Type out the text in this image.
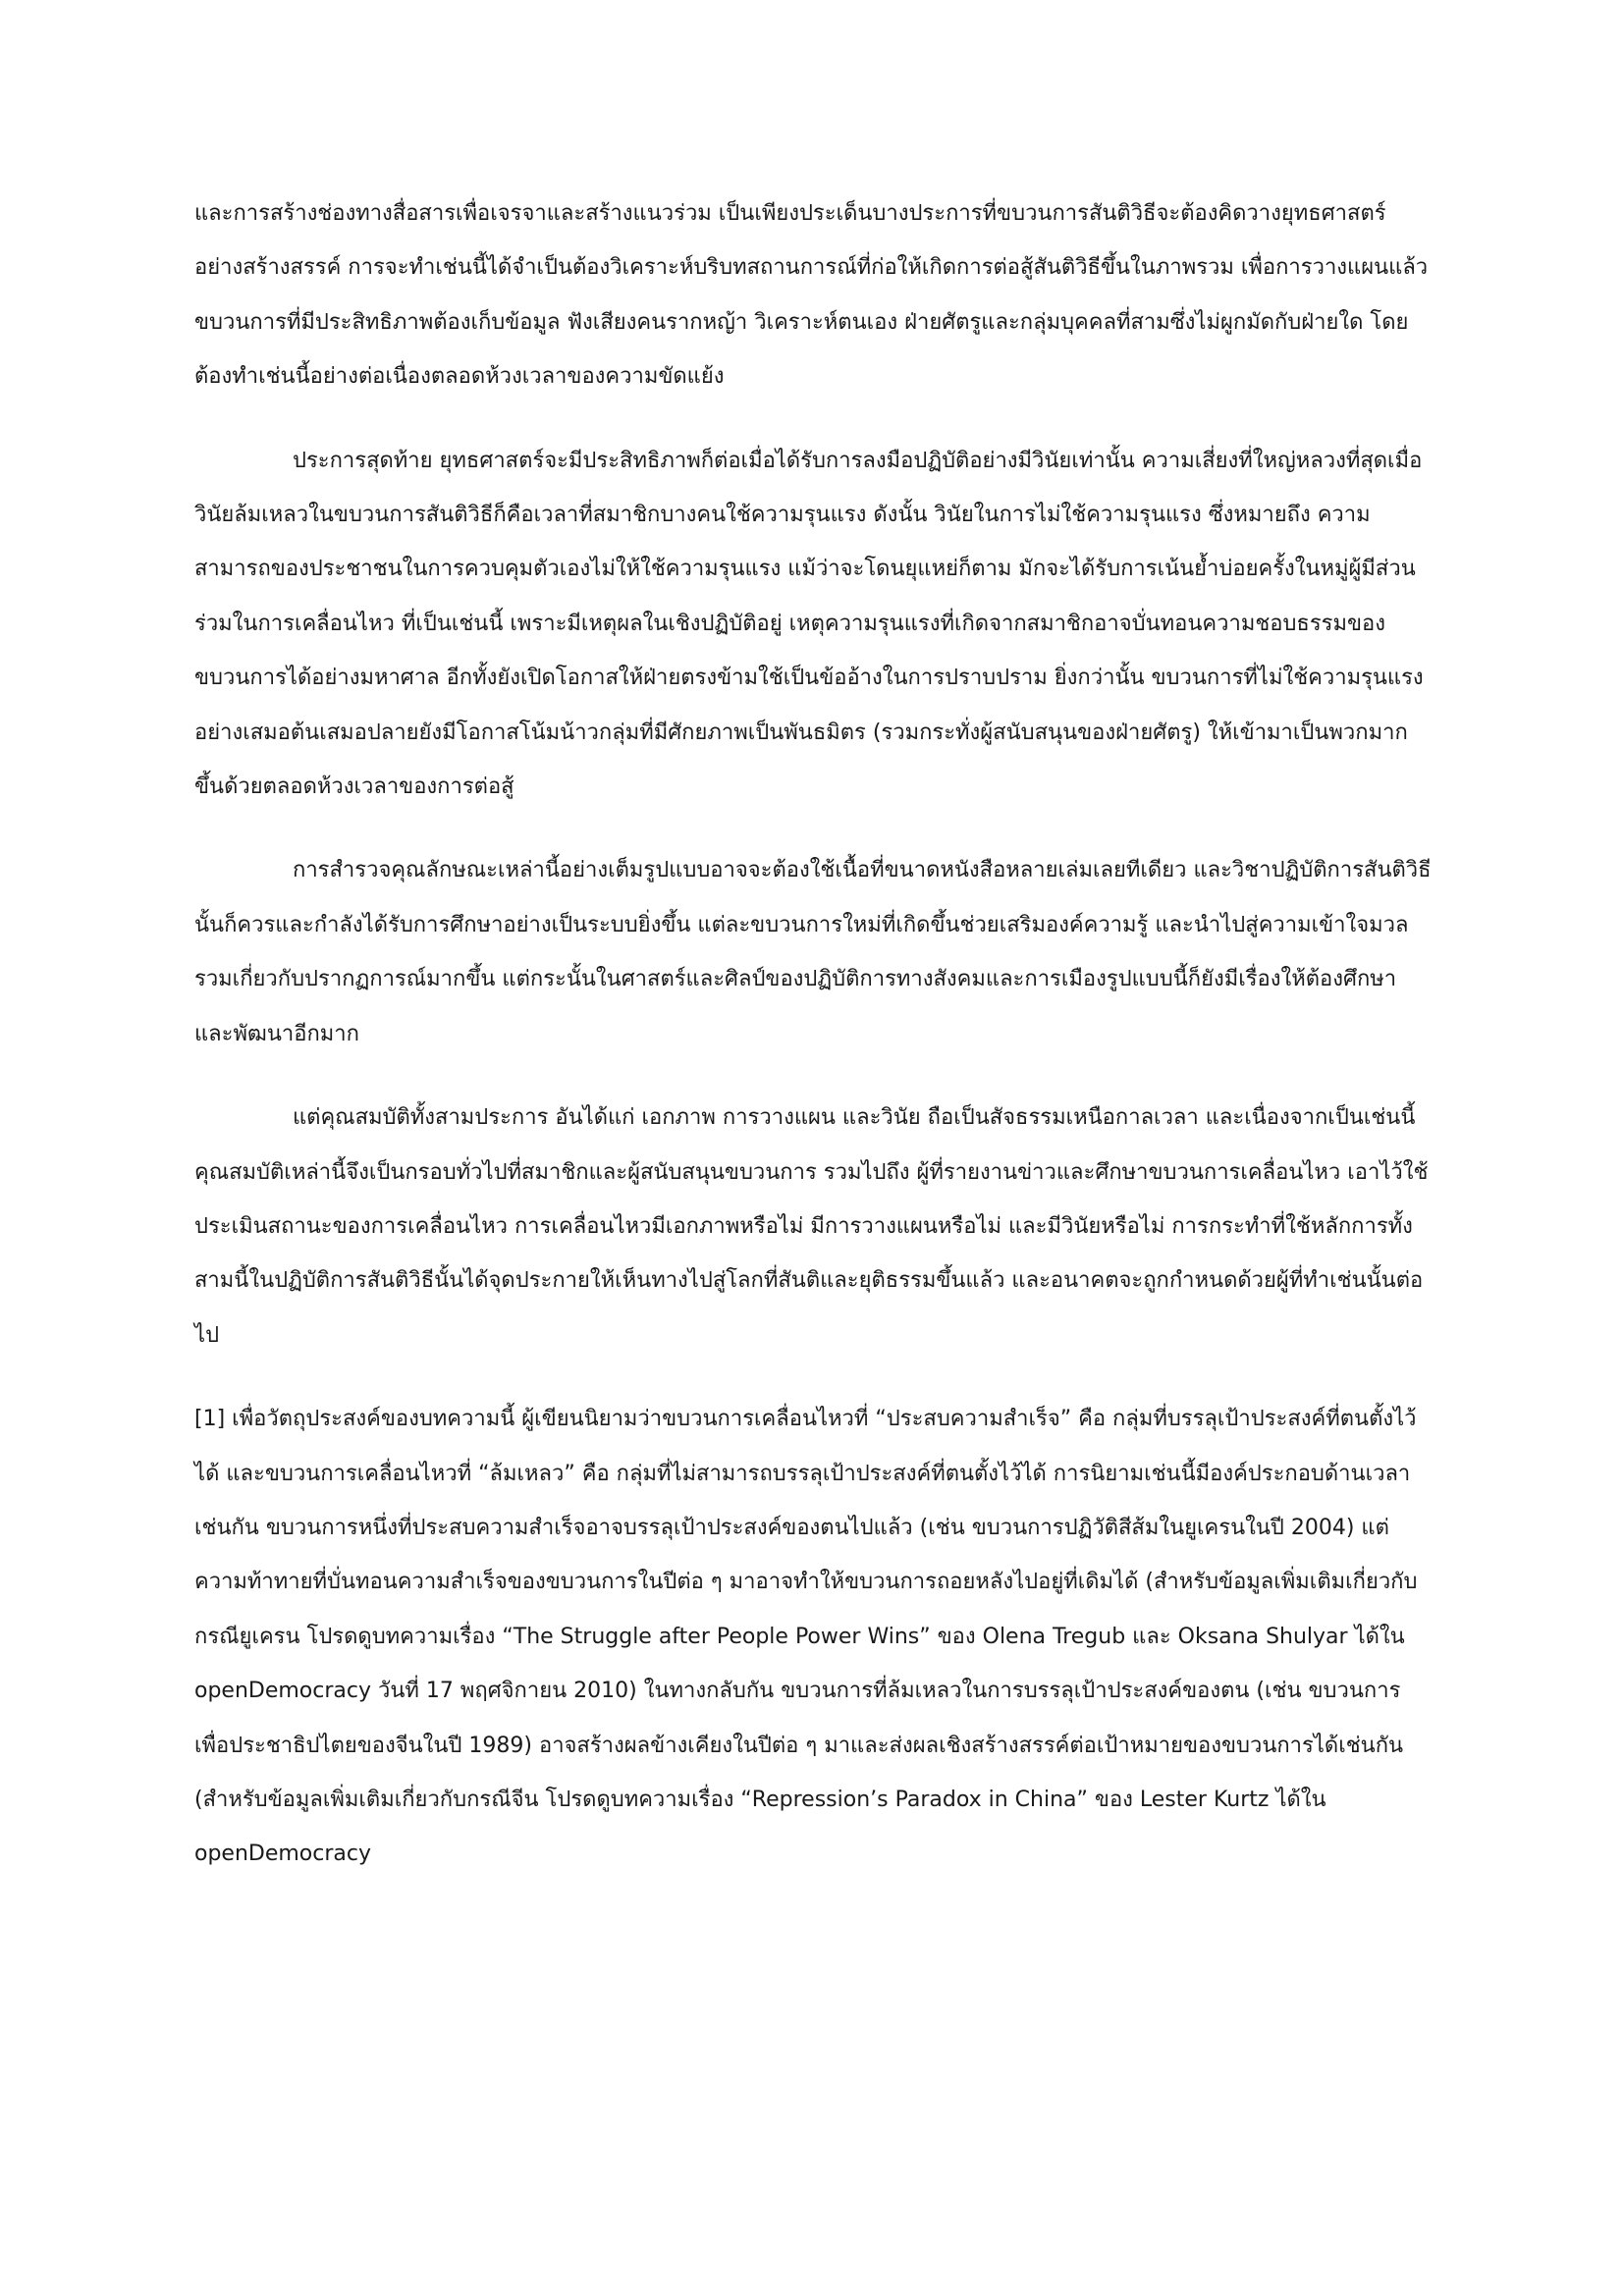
และการสร้างช่องทางสื่อสารเพื่อเจรจาและสร้างแนวร่วม เป็นเพียงประเด็นบางประการที่ขบวนการสันติวิธีจะต้องคิดวางยุทธศาสตร์อย่างสร้างสรรค์ การจะทำเช่นนี้ได้จำเป็นต้องวิเคราะห์บริบทสถานการณ์ที่ก่อให้เกิดการต่อสู้สันติวิธีขึ้นในภาพรวม เพื่อการวางแผนแล้ว ขบวนการที่มีประสิทธิภาพต้องเก็บข้อมูล ฟังเสียงคนรากหญ้า วิเคราะห์ตนเอง ฝ่ายศัตรูและกลุ่มบุคคลที่สามซึ่งไม่ผูกมัดกับฝ่ายใด โดยต้องทำเช่นนี้อย่างต่อเนื่องตลอดห้วงเวลาของความขัดแย้ง

ประการสุดท้าย ยุทธศาสตร์จะมีประสิทธิภาพก็ต่อเมื่อได้รับการลงมือปฏิบัติอย่างมีวินัยเท่านั้น ความเสี่ยงที่ใหญ่หลวงที่สุดเมื่อวินัยล้มเหลวในขบวนการสันติวิธีก็คือเวลาที่สมาชิกบางคนใช้ความรุนแรง ดังนั้น วินัยในการไม่ใช้ความรุนแรง ซึ่งหมายถึง ความสามารถของประชาชนในการควบคุมตัวเองไม่ให้ใช้ความรุนแรง แม้ว่าจะโดนยุแหย่ก็ตาม มักจะได้รับการเน้นย้ำบ่อยครั้งในหมู่ผู้มีส่วนร่วมในการเคลื่อนไหว ที่เป็นเช่นนี้ เพราะมีเหตุผลในเชิงปฏิบัติอยู่ เหตุความรุนแรงที่เกิดจากสมาชิกอาจบั่นทอนความชอบธรรมของขบวนการได้อย่างมหาศาล อีกทั้งยังเปิดโอกาสให้ฝ่ายตรงข้ามใช้เป็นข้ออ้างในการปราบปราม ยิ่งกว่านั้น ขบวนการที่ไม่ใช้ความรุนแรงอย่างเสมอต้นเสมอปลายยังมีโอกาสโน้มน้าวกลุ่มที่มีศักยภาพเป็นพันธมิตร (รวมกระทั่งผู้สนับสนุนของฝ่ายศัตรู) ให้เข้ามาเป็นพวกมากขึ้นด้วยตลอดห้วงเวลาของการต่อสู้

การสำรวจคุณลักษณะเหล่านี้อย่างเต็มรูปแบบอาจจะต้องใช้เนื้อที่ขนาดหนังสือหลายเล่มเลยทีเดียว และวิชาปฏิบัติการสันติวิธีนั้นก็ควรและกำลังได้รับการศึกษาอย่างเป็นระบบยิ่งขึ้น แต่ละขบวนการใหม่ที่เกิดขึ้นช่วยเสริมองค์ความรู้ และนำไปสู่ความเข้าใจมวลรวมเกี่ยวกับปรากฏการณ์มากขึ้น แต่กระนั้นในศาสตร์และศิลป์ของปฏิบัติการทางสังคมและการเมืองรูปแบบนี้ก็ยังมีเรื่องให้ต้องศึกษาและพัฒนาอีกมาก

แต่คุณสมบัติทั้งสามประการ อันได้แก่ เอกภาพ การวางแผน และวินัย ถือเป็นสัจธรรมเหนือกาลเวลา และเนื่องจากเป็นเช่นนี้ คุณสมบัติเหล่านี้จึงเป็นกรอบทั่วไปที่สมาชิกและผู้สนับสนุนขบวนการ รวมไปถึง ผู้ที่รายงานข่าวและศึกษาขบวนการเคลื่อนไหว เอาไว้ใช้ประเมินสถานะของการเคลื่อนไหว การเคลื่อนไหวมีเอกภาพหรือไม่ มีการวางแผนหรือไม่ และมีวินัยหรือไม่ การกระทำที่ใช้หลักการทั้งสามนี้ในปฏิบัติการสันติวิธีนั้นได้จุดประกายให้เห็นทางไปสู่โลกที่สันติและยุติธรรมขึ้นแล้ว และอนาคตจะถูกกำหนดด้วยผู้ที่ทำเช่นนั้นต่อไป

[1] เพื่อวัตถุประสงค์ของบทความนี้ ผู้เขียนนิยามว่าขบวนการเคลื่อนไหวที่ “ประสบความสำเร็จ” คือ กลุ่มที่บรรลุเป้าประสงค์ที่ตนตั้งไว้ได้ และขบวนการเคลื่อนไหวที่ “ล้มเหลว” คือ กลุ่มที่ไม่สามารถบรรลุเป้าประสงค์ที่ตนตั้งไว้ได้ การนิยามเช่นนี้มีองค์ประกอบด้านเวลาเช่นกัน ขบวนการหนึ่งที่ประสบความสำเร็จอาจบรรลุเป้าประสงค์ของตนไปแล้ว (เช่น ขบวนการปฏิวัติสีส้มในยูเครนในปี 2004) แต่ความท้าทายที่บั่นทอนความสำเร็จของขบวนการในปีต่อ ๆ มาอาจทำให้ขบวนการถอยหลังไปอยู่ที่เดิมได้ (สำหรับข้อมูลเพิ่มเติมเกี่ยวกับกรณียูเครน โปรดดูบทความเรื่อง “The Struggle after People Power Wins” ของ Olena Tregub และ Oksana Shulyar ได้ใน openDemocracy วันที่ 17 พฤศจิกายน 2010) ในทางกลับกัน ขบวนการที่ล้มเหลวในการบรรลุเป้าประสงค์ของตน (เช่น ขบวนการเพื่อประชาธิปไตยของจีนในปี 1989) อาจสร้างผลข้างเคียงในปีต่อ ๆ มาและส่งผลเชิงสร้างสรรค์ต่อเป้าหมายของขบวนการได้เช่นกัน (สำหรับข้อมูลเพิ่มเติมเกี่ยวกับกรณีจีน โปรดดูบทความเรื่อง “Repression’s Paradox in China” ของ Lester Kurtz ได้ใน openDemocracy
